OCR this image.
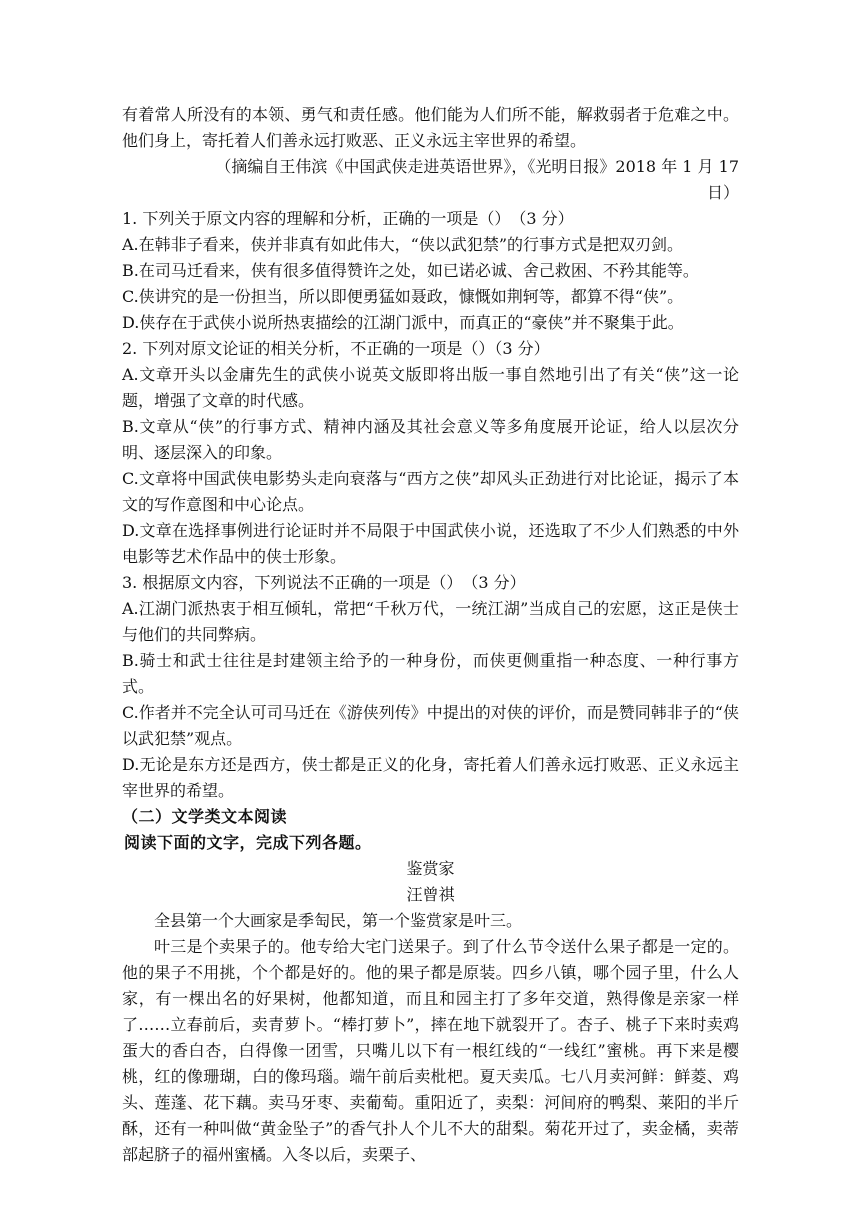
有着常人所没有的本领、勇气和责任感。他们能为人们所不能，解救弱者于危难之中。他们身上，寄托着人们善永远打败恶、正义永远主宰世界的希望。

（摘编自王伟滨《中国武侠走进英语世界》，《光明日报》2018 年 1 月 17 日）

1. 下列关于原文内容的理解和分析，正确的一项是（）　（3 分）

A.在韩非子看来，侠并非真有如此伟大，“侠以武犯禁”的行事方式是把双刃剑。

B.在司马迁看来，侠有很多值得赞许之处，如已诺必诚、舍己救困、不矜其能等。

C.侠讲究的是一份担当，所以即便勇猛如聂政，慷慨如荆轲等，都算不得“侠”。

D.侠存在于武侠小说所热衷描绘的江湖门派中，而真正的“豪侠”并不聚集于此。

2. 下列对原文论证的相关分析，不正确的一项是（）（3 分）

A.文章开头以金庸先生的武侠小说英文版即将出版一事自然地引出了有关“侠”这一论题，增强了文章的时代感。

B.文章从“侠”的行事方式、精神内涵及其社会意义等多角度展开论证，给人以层次分明、逐层深入的印象。

C.文章将中国武侠电影势头走向衰落与“西方之侠”却风头正劲进行对比论证，揭示了本文的写作意图和中心论点。

D.文章在选择事例进行论证时并不局限于中国武侠小说，还选取了不少人们熟悉的中外电影等艺术作品中的侠士形象。

3. 根据原文内容，下列说法不正确的一项是（）　（3 分）

A.江湖门派热衷于相互倾轧，常把“千秋万代，一统江湖”当成自己的宏愿，这正是侠士与他们的共同弊病。

B.骑士和武士往往是封建领主给予的一种身份，而侠更侧重指一种态度、一种行事方式。

C.作者并不完全认可司马迁在《游侠列传》中提出的对侠的评价，而是赞同韩非子的“侠以武犯禁”观点。

D.无论是东方还是西方，侠士都是正义的化身，寄托着人们善永远打败恶、正义永远主宰世界的希望。

（二）文学类文本阅读

阅读下面的文字，完成下列各题。

鉴赏家

汪曾祺

全县第一个大画家是季匋民，第一个鉴赏家是叶三。

叶三是个卖果子的。他专给大宅门送果子。到了什么节令送什么果子都是一定的。他的果子不用挑，个个都是好的。他的果子都是原装。四乡八镇，哪个园子里，什么人家，有一棵出名的好果树，他都知道，而且和园主打了多年交道，熟得像是亲家一样了……立春前后，卖青萝卜。“棒打萝卜”，摔在地下就裂开了。杏子、桃子下来时卖鸡蛋大的香白杏，白得像一团雪，只嘴儿以下有一根红线的“一线红”蜜桃。再下来是樱桃，红的像珊瑚，白的像玛瑙。端午前后卖枇杷。夏天卖瓜。七八月卖河鲜：鲜菱、鸡头、莲蓬、花下藕。卖马牙枣、卖葡萄。重阳近了，卖梨：河间府的鸭梨、莱阳的半斤酥，还有一种叫做“黄金坠子”的香气扑人个儿不大的甜梨。菊花开过了，卖金橘，卖蒂部起脐子的福州蜜橘。入冬以后，卖栗子、
